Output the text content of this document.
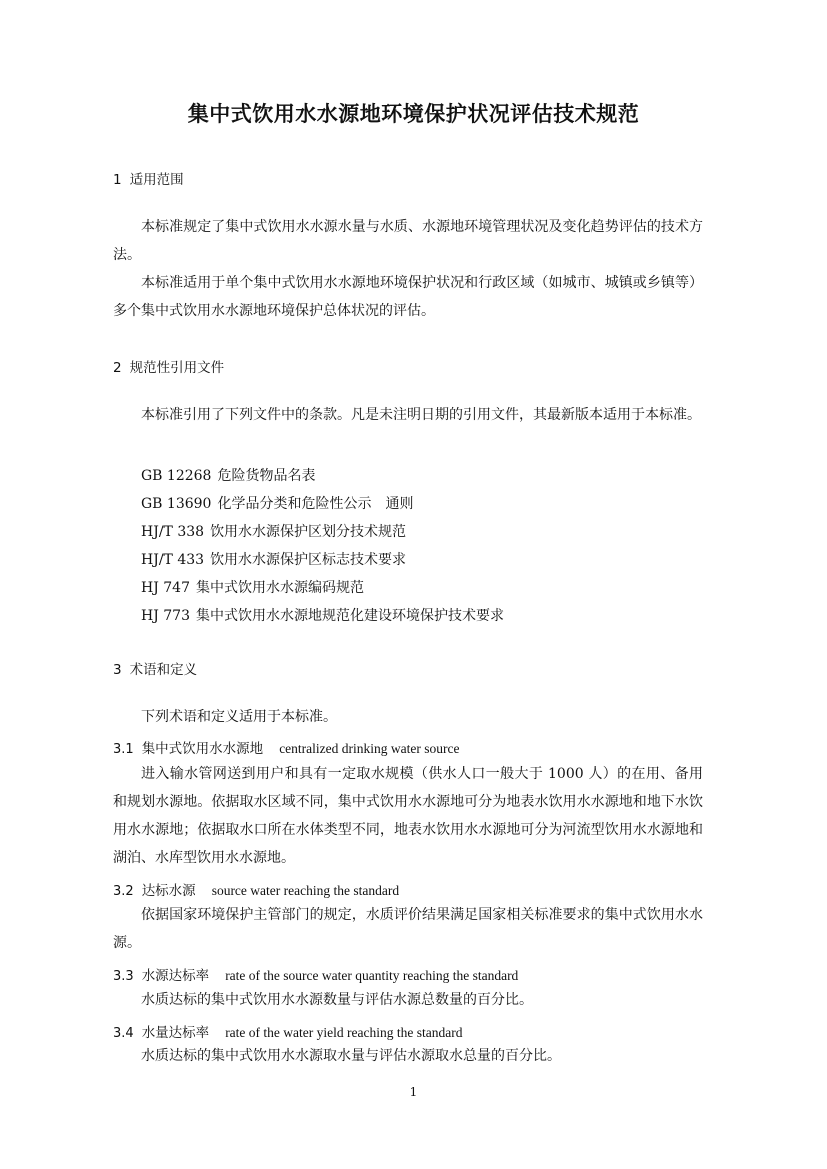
集中式饮用水水源地环境保护状况评估技术规范
1 适用范围

本标准规定了集中式饮用水水源水量与水质、水源地环境管理状况及变化趋势评估的技术方法。

本标准适用于单个集中式饮用水水源地环境保护状况和行政区域（如城市、城镇或乡镇等）多个集中式饮用水水源地环境保护总体状况的评估。

2 规范性引用文件

本标准引用了下列文件中的条款。凡是未注明日期的引用文件，其最新版本适用于本标准。

GB 12268 危险货物品名表
GB 13690 化学品分类和危险性公示　通则
HJ/T 338 饮用水水源保护区划分技术规范
HJ/T 433 饮用水水源保护区标志技术要求
HJ 747 集中式饮用水水源编码规范
HJ 773 集中式饮用水水源地规范化建设环境保护技术要求
3 术语和定义

下列术语和定义适用于本标准。

3.1 集中式饮用水水源地 centralized drinking water source

进入输水管网送到用户和具有一定取水规模（供水人口一般大于 1000 人）的在用、备用和规划水源地。依据取水区域不同，集中式饮用水水源地可分为地表水饮用水水源地和地下水饮用水水源地；依据取水口所在水体类型不同，地表水饮用水水源地可分为河流型饮用水水源地和湖泊、水库型饮用水水源地。

3.2 达标水源 source water reaching the standard

依据国家环境保护主管部门的规定，水质评价结果满足国家相关标准要求的集中式饮用水水源。

3.3 水源达标率 rate of the source water quantity reaching the standard

水质达标的集中式饮用水水源数量与评估水源总数量的百分比。

3.4 水量达标率 rate of the water yield reaching the standard

水质达标的集中式饮用水水源取水量与评估水源取水总量的百分比。

1
